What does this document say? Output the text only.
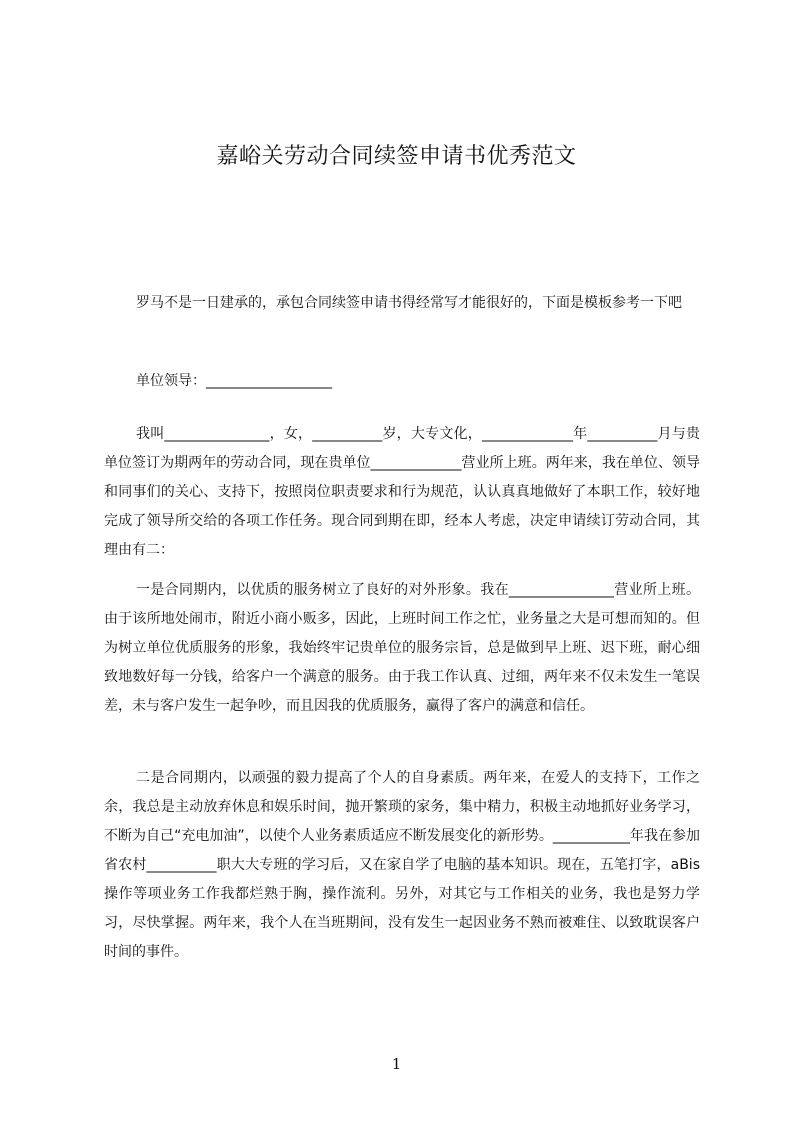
嘉峪关劳动合同续签申请书优秀范文

罗马不是一日建承的，承包合同续签申请书得经常写才能很好的，下面是模板参考一下吧

单位领导：__________________

我叫_______________，女，__________岁，大专文化，_____________年__________月与贵单位签订为期两年的劳动合同，现在贵单位_____________营业所上班。两年来，我在单位、领导和同事们的关心、支持下，按照岗位职责要求和行为规范，认认真真地做好了本职工作，较好地完成了领导所交给的各项工作任务。现合同到期在即，经本人考虑，决定申请续订劳动合同，其理由有二：

一是合同期内，以优质的服务树立了良好的对外形象。我在_______________营业所上班。由于该所地处闹市，附近小商小贩多，因此，上班时间工作之忙，业务量之大是可想而知的。但为树立单位优质服务的形象，我始终牢记贵单位的服务宗旨，总是做到早上班、迟下班，耐心细致地数好每一分钱，给客户一个满意的服务。由于我工作认真、过细，两年来不仅未发生一笔误差，未与客户发生一起争吵，而且因我的优质服务，赢得了客户的满意和信任。

二是合同期内，以顽强的毅力提高了个人的自身素质。两年来，在爱人的支持下，工作之余，我总是主动放弃休息和娱乐时间，抛开繁琐的家务，集中精力，积极主动地抓好业务学习，不断为自己“充电加油”，以使个人业务素质适应不断发展变化的新形势。___________年我在参加省农村__________职大大专班的学习后，又在家自学了电脑的基本知识。现在，五笔打字，aBis 操作等项业务工作我都烂熟于胸，操作流利。另外，对其它与工作相关的业务，我也是努力学习，尽快掌握。两年来，我个人在当班期间，没有发生一起因业务不熟而被难住、以致耽误客户时间的事件。

1
